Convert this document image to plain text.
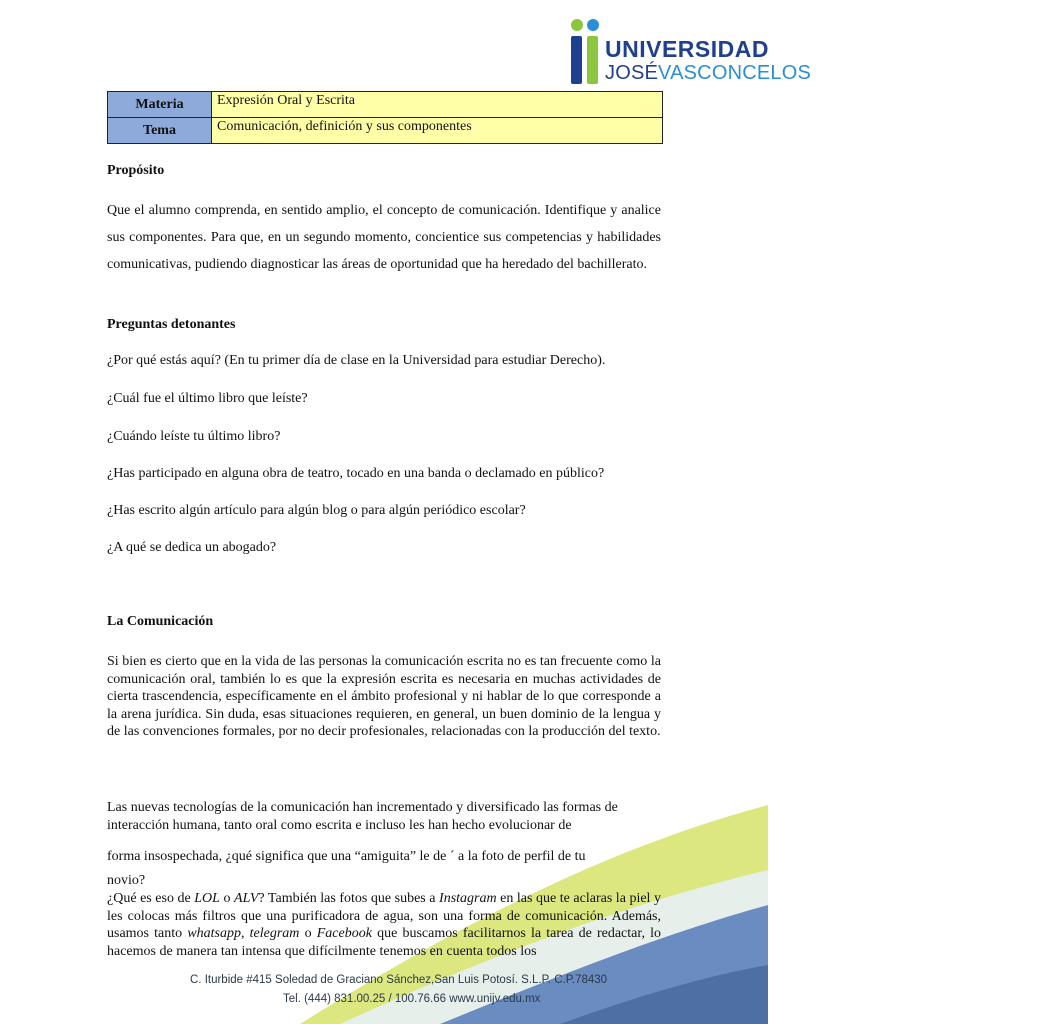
UNIVERSIDAD
JOSÉVASCONCELOS
Materia	Expresión Oral y Escrita
Tema	Comunicación, definición y sus componentes
Propósito
Que el alumno comprenda, en sentido amplio, el concepto de comunicación. Identifique y analice sus componentes. Para que, en un segundo momento, concientice sus competencias y habilidades comunicativas, pudiendo diagnosticar las áreas de oportunidad que ha heredado del bachillerato.
Preguntas detonantes
¿Por qué estás aquí? (En tu primer día de clase en la Universidad para estudiar Derecho).
¿Cuál fue el último libro que leíste?
¿Cuándo leíste tu último libro?
¿Has participado en alguna obra de teatro, tocado en una banda o declamado en público?
¿Has escrito algún artículo para algún blog o para algún periódico escolar?
¿A qué se dedica un abogado?
La Comunicación
Si bien es cierto que en la vida de las personas la comunicación escrita no es tan frecuente como la comunicación oral, también lo es que la expresión escrita es necesaria en muchas actividades de cierta trascendencia, específicamente en el ámbito profesional y ni hablar de lo que corresponde a la arena jurídica. Sin duda, esas situaciones requieren, en general, un buen dominio de la lengua y de las convenciones formales, por no decir profesionales, relacionadas con la producción del texto.
Las nuevas tecnologías de la comunicación han incrementado y diversificado las formas de
interacción humana, tanto oral como escrita e incluso les han hecho evolucionar de
forma insospechada, ¿qué significa que una “amiguita” le de ´ a la foto de perfil de tu
novio?
¿Qué es eso de LOL o ALV? También las fotos que subes a Instagram en las que te aclaras la piel y les colocas más filtros que una purificadora de agua, son una forma de comunicación. Además, usamos tanto whatsapp, telegram o Facebook que buscamos facilitarnos la tarea de redactar, lo hacemos de manera tan intensa que difícilmente tenemos en cuenta todos los
C. Iturbide #415 Soledad de Graciano Sánchez,San Luis Potosí. S.L.P. C.P.78430
Tel. (444) 831.00.25 / 100.76.66 www.unijv.edu.mx
